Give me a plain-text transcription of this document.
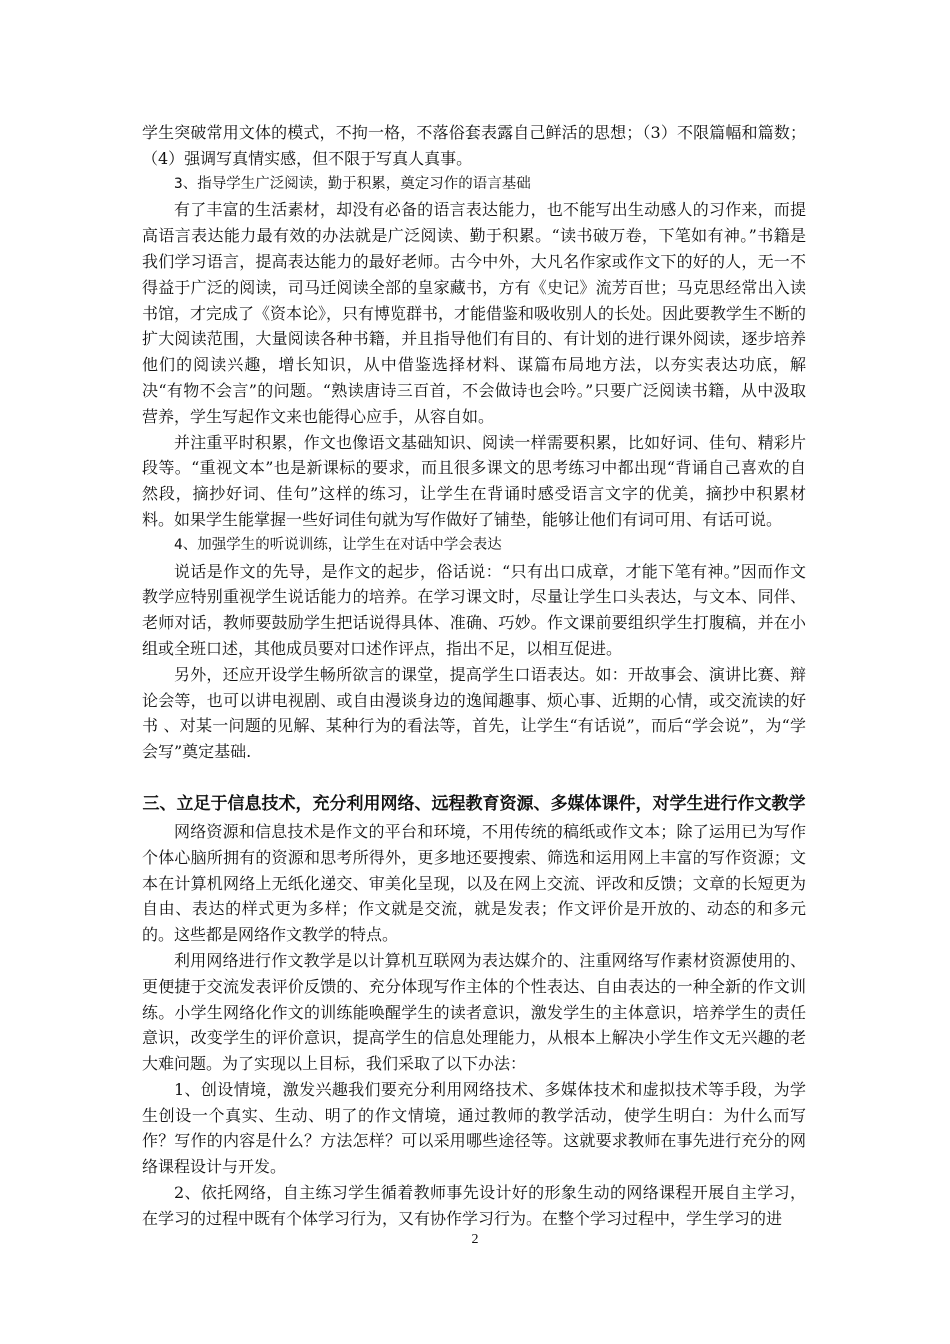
学生突破常用文体的模式，不拘一格，不落俗套表露自己鲜活的思想；（3）不限篇幅和篇数；（4）强调写真情实感，但不限于写真人真事。

3、指导学生广泛阅读，勤于积累，奠定习作的语言基础

有了丰富的生活素材，却没有必备的语言表达能力，也不能写出生动感人的习作来，而提高语言表达能力最有效的办法就是广泛阅读、勤于积累。“读书破万卷，下笔如有神。”书籍是我们学习语言，提高表达能力的最好老师。古今中外，大凡名作家或作文下的好的人，无一不得益于广泛的阅读，司马迁阅读全部的皇家藏书，方有《史记》流芳百世；马克思经常出入读书馆，才完成了《资本论》，只有博览群书，才能借鉴和吸收别人的长处。因此要教学生不断的扩大阅读范围，大量阅读各种书籍，并且指导他们有目的、有计划的进行课外阅读，逐步培养他们的阅读兴趣，增长知识，从中借鉴选择材料、谋篇布局地方法，以夯实表达功底，解决“有物不会言”的问题。“熟读唐诗三百首，不会做诗也会吟。”只要广泛阅读书籍，从中汲取营养，学生写起作文来也能得心应手，从容自如。

并注重平时积累，作文也像语文基础知识、阅读一样需要积累，比如好词、佳句、精彩片段等。“重视文本”也是新课标的要求，而且很多课文的思考练习中都出现“背诵自己喜欢的自然段，摘抄好词、佳句”这样的练习，让学生在背诵时感受语言文字的优美，摘抄中积累材料。如果学生能掌握一些好词佳句就为写作做好了铺垫，能够让他们有词可用、有话可说。

4、加强学生的听说训练，让学生在对话中学会表达

说话是作文的先导，是作文的起步，俗话说：“只有出口成章，才能下笔有神。”因而作文教学应特别重视学生说话能力的培养。在学习课文时，尽量让学生口头表达，与文本、同伴、老师对话，教师要鼓励学生把话说得具体、准确、巧妙。作文课前要组织学生打腹稿，并在小组或全班口述，其他成员要对口述作评点，指出不足，以相互促进。

另外，还应开设学生畅所欲言的课堂，提高学生口语表达。如：开故事会、演讲比赛、辩论会等，也可以讲电视剧、或自由漫谈身边的逸闻趣事、烦心事、近期的心情，或交流读的好书 、对某一问题的见解、某种行为的看法等，首先，让学生“有话说”，而后“学会说”，为“学会写”奠定基础.

三、立足于信息技术，充分利用网络、远程教育资源、多媒体课件，对学生进行作文教学

网络资源和信息技术是作文的平台和环境，不用传统的稿纸或作文本；除了运用已为写作个体心脑所拥有的资源和思考所得外，更多地还要搜索、筛选和运用网上丰富的写作资源；文本在计算机网络上无纸化递交、审美化呈现，以及在网上交流、评改和反馈；文章的长短更为自由、表达的样式更为多样；作文就是交流，就是发表；作文评价是开放的、动态的和多元的。这些都是网络作文教学的特点。

利用网络进行作文教学是以计算机互联网为表达媒介的、注重网络写作素材资源使用的、更便捷于交流发表评价反馈的、充分体现写作主体的个性表达、自由表达的一种全新的作文训练。小学生网络化作文的训练能唤醒学生的读者意识，激发学生的主体意识，培养学生的责任意识，改变学生的评价意识，提高学生的信息处理能力，从根本上解决小学生作文无兴趣的老大难问题。为了实现以上目标，我们采取了以下办法：

1、创设情境，激发兴趣我们要充分利用网络技术、多媒体技术和虚拟技术等手段，为学生创设一个真实、生动、明了的作文情境，通过教师的教学活动，使学生明白：为什么而写作？写作的内容是什么？方法怎样？可以采用哪些途径等。这就要求教师在事先进行充分的网络课程设计与开发。

2、依托网络，自主练习学生循着教师事先设计好的形象生动的网络课程开展自主学习，在学习的过程中既有个体学习行为，又有协作学习行为。在整个学习过程中，学生学习的进

2
